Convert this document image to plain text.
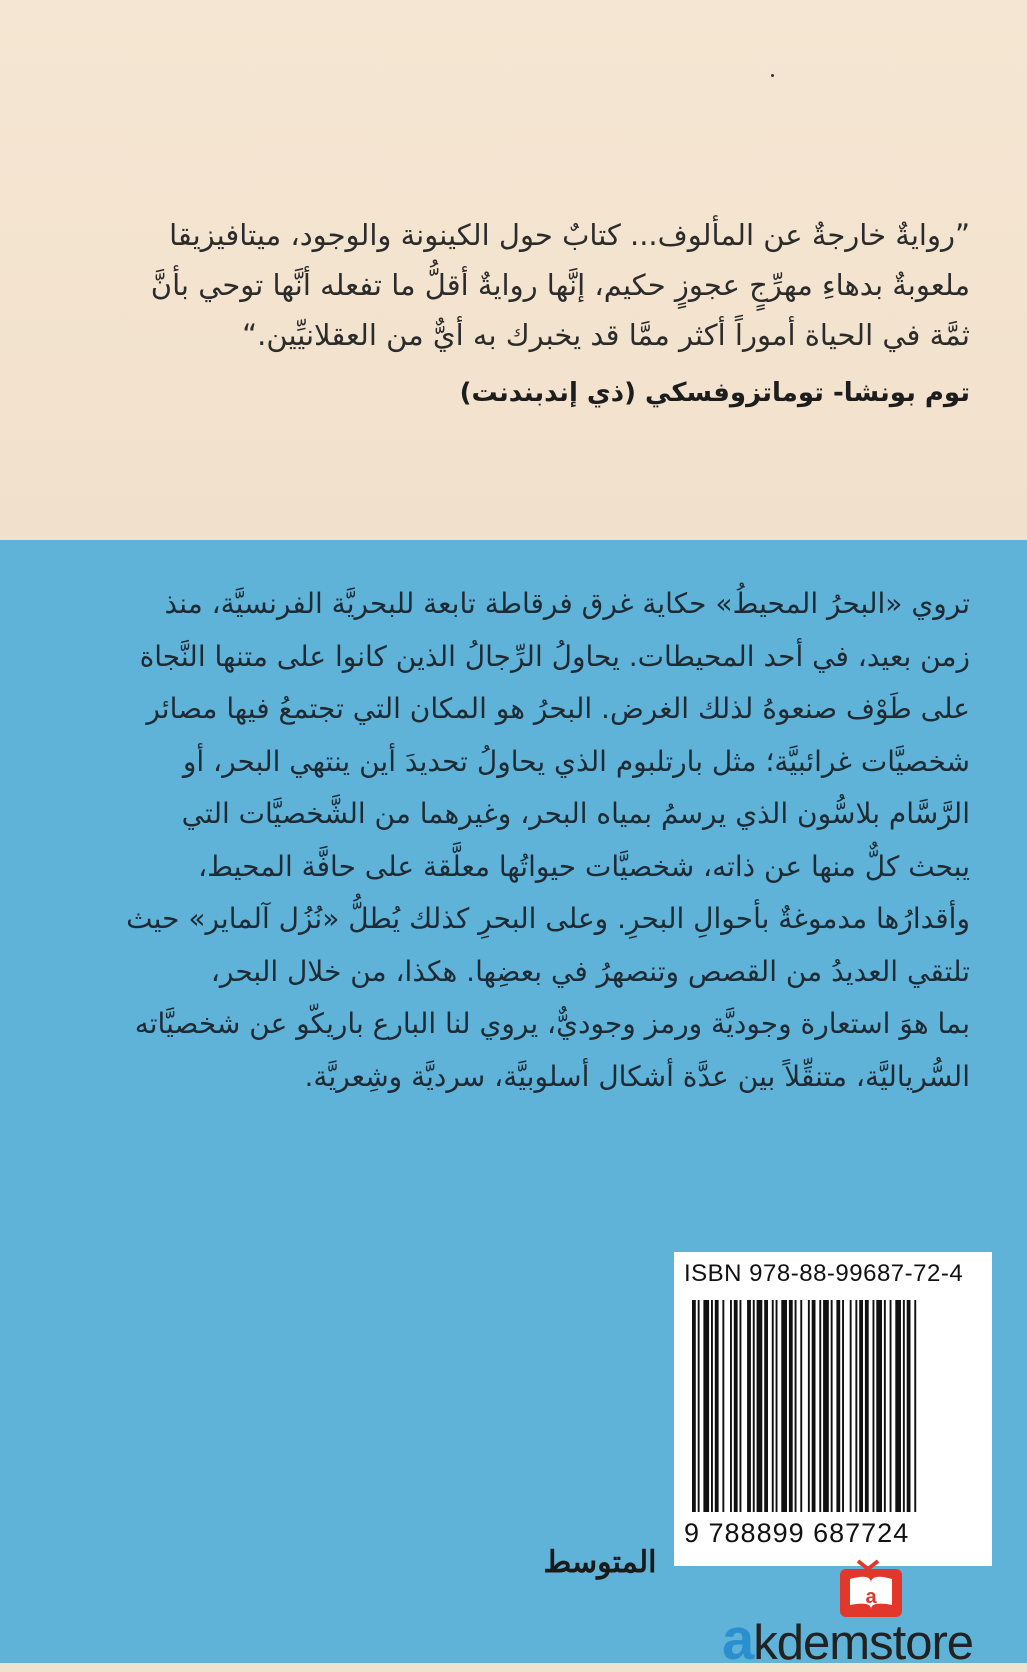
”روايةٌ خارجةٌ عن المألوف... كتابٌ حول الكينونة والوجود، ميتافيزيقا
ملعوبةٌ بدهاءِ مهرِّجٍ عجوزٍ حكيم، إنَّها روايةٌ أقلُّ ما تفعله أنَّها توحي بأنَّ
ثمَّة في الحياة أموراً أكثر ممَّا قد يخبرك به أيٌّ من العقلانيِّين.“
توم بونشا- توماتزوفسكي (ذي إندبندنت)
تروي «البحرُ المحيطُ» حكاية غرق فرقاطة تابعة للبحريَّة الفرنسيَّة، منذ
زمن بعيد، في أحد المحيطات. يحاولُ الرِّجالُ الذين كانوا على متنها النَّجاة
على طَوْف صنعوهُ لذلك الغرض. البحرُ هو المكان التي تجتمعُ فيها مصائر
شخصيَّات غرائبيَّة؛ مثل بارتلبوم الذي يحاولُ تحديدَ أين ينتهي البحر، أو
الرَّسَّام بلاسُّون الذي يرسمُ بمياه البحر، وغيرهما من الشَّخصيَّات التي
يبحث كلٌّ منها عن ذاته، شخصيَّات حيواتُها معلَّقة على حافَّة المحيط،
وأقدارُها مدموغةٌ بأحوالِ البحرِ. وعلى البحرِ كذلك يُطلُّ «نُزُل آلماير» حيث
تلتقي العديدُ من القصص وتنصهرُ في بعضِها. هكذا، من خلال البحر،
بما هوَ استعارة وجوديَّة ورمز وجوديٌّ، يروي لنا البارع باريكّو عن شخصيَّاته
السُّرياليَّة، متنقِّلاً بين عدَّة أشكال أسلوبيَّة، سرديَّة وشِعريَّة.
ISBN 978-88-99687-72-4
9 788899 687724
المتوسط
a
akdemstore
